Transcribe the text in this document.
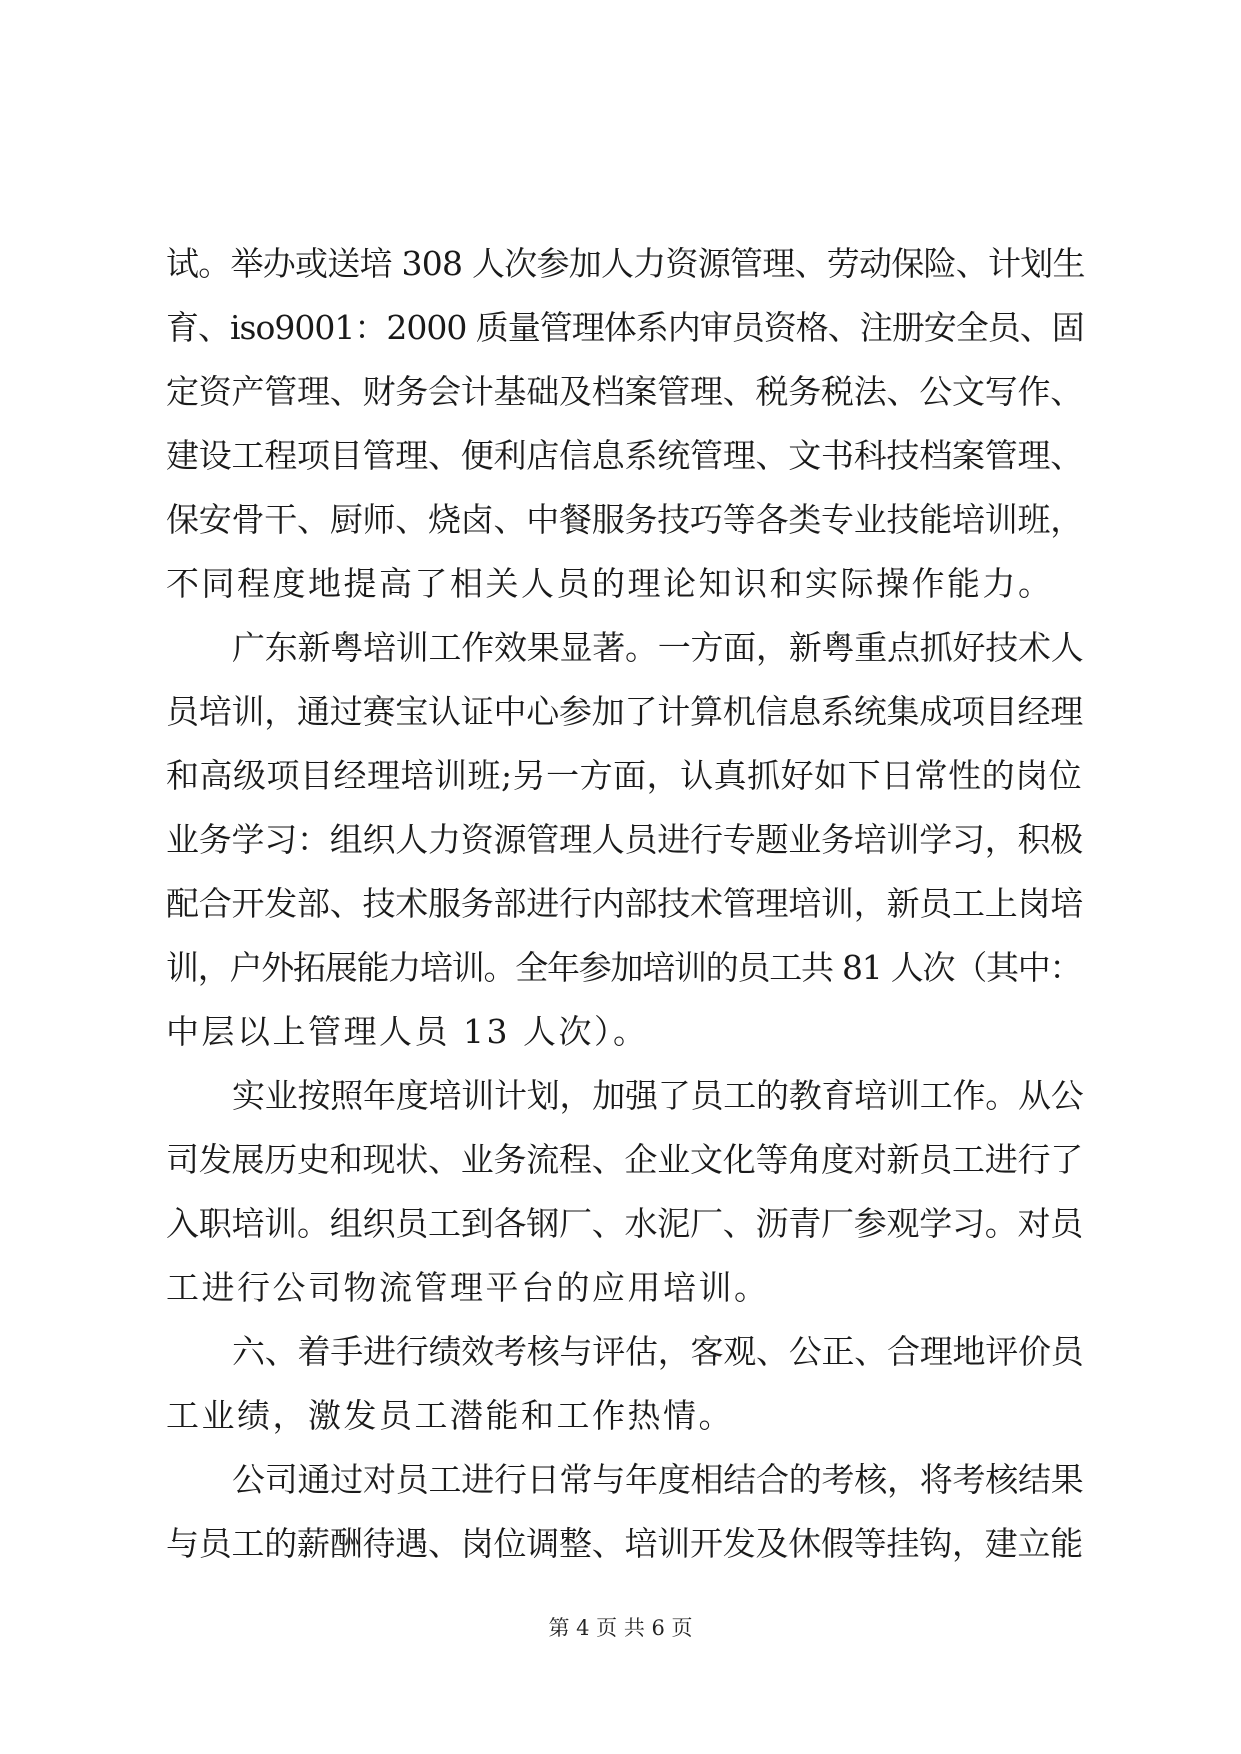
试。举办或送培 308 人次参加人力资源管理、劳动保险、计划生
育、iso9001：2000 质量管理体系内审员资格、注册安全员、固
定资产管理、财务会计基础及档案管理、税务税法、公文写作、
建设工程项目管理、便利店信息系统管理、文书科技档案管理、
保安骨干、厨师、烧卤、中餐服务技巧等各类专业技能培训班，
不同程度地提高了相关人员的理论知识和实际操作能力。
广东新粤培训工作效果显著。一方面，新粤重点抓好技术人
员培训，通过赛宝认证中心参加了计算机信息系统集成项目经理
和高级项目经理培训班;另一方面，认真抓好如下日常性的岗位
业务学习：组织人力资源管理人员进行专题业务培训学习，积极
配合开发部、技术服务部进行内部技术管理培训，新员工上岗培
训，户外拓展能力培训。全年参加培训的员工共 81 人次（其中：
中层以上管理人员 13 人次）。
实业按照年度培训计划，加强了员工的教育培训工作。从公
司发展历史和现状、业务流程、企业文化等角度对新员工进行了
入职培训。组织员工到各钢厂、水泥厂、沥青厂参观学习。对员
工进行公司物流管理平台的应用培训。
六、着手进行绩效考核与评估，客观、公正、合理地评价员
工业绩，激发员工潜能和工作热情。
公司通过对员工进行日常与年度相结合的考核，将考核结果
与员工的薪酬待遇、岗位调整、培训开发及休假等挂钩，建立能
第 4 页 共 6 页
